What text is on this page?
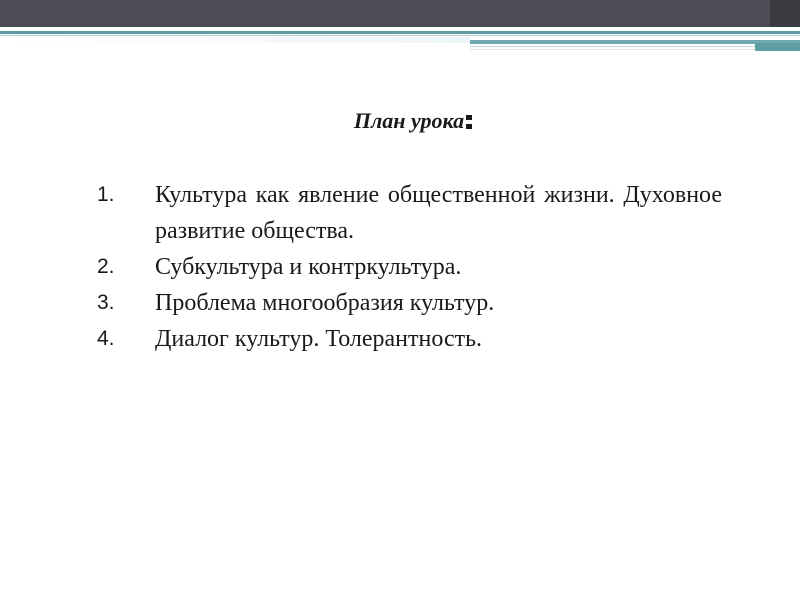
План урока
1. Культура как явление общественной жизни. Духовное развитие общества.
2. Субкультура и контркультура.
3. Проблема многообразия культур.
4. Диалог культур. Толерантность.
